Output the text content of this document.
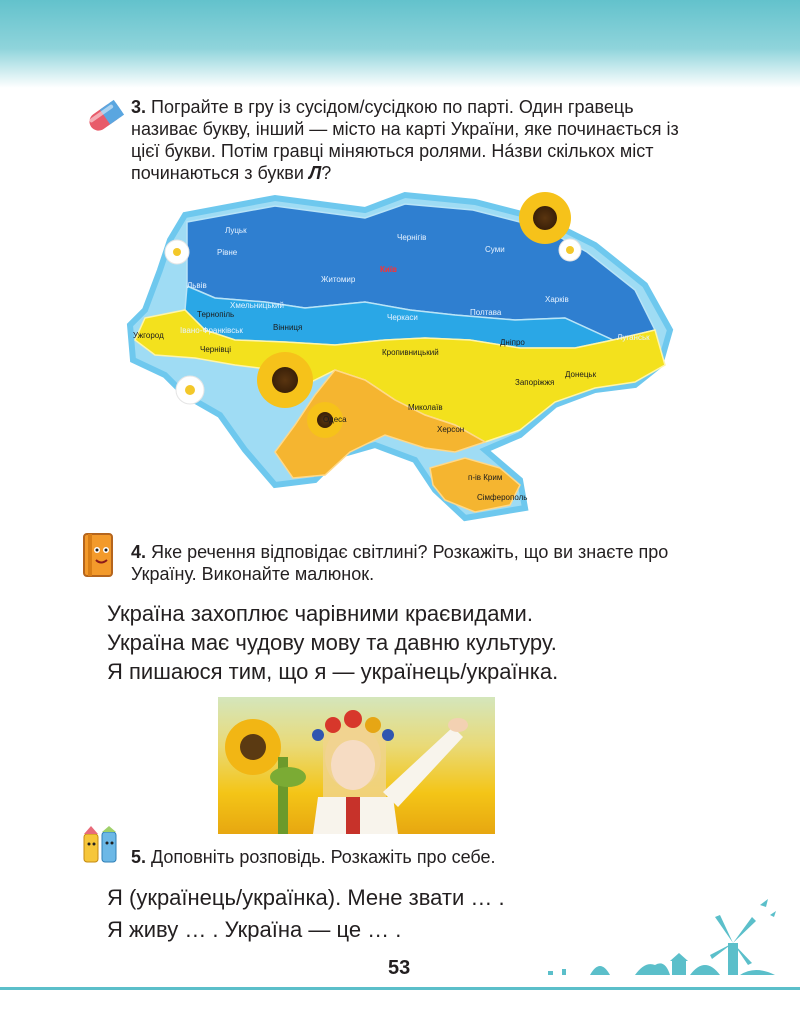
3. Пограйте в гру із сусідом/сусідкою по парті. Один гравець називає букву, інший — місто на карті України, яке починається із цієї букви. Потім гравці міняються ролями. Нáзви скількох міст починаються з букви Л?
Луцьк
Рівне
Львів
Житомир
Київ
Чернігів
Суми
Харків
Тернопіль
Хмельницький
Івано-Франківськ	Вінниця
Черкаси
Полтава
Луганськ
Ужгород
Чернівці	Кропивницький
Дніпро
Донецьк
Запоріжжя
Одеса
Миколаїв
Херсон
п-ів Крим
Сімферополь
4. Яке речення відповідає світлині? Розкажіть, що ви знаєте про Україну. Виконайте малюнок.
Україна захоплює чарівними краєвидами.
Україна має чудову мову та давню культуру.
Я пишаюся тим, що я — українець/українка.
5. Доповніть розповідь. Розкажіть про себе.
Я (українець/українка). Мене звати … .
Я живу … . Україна — це … .
53
